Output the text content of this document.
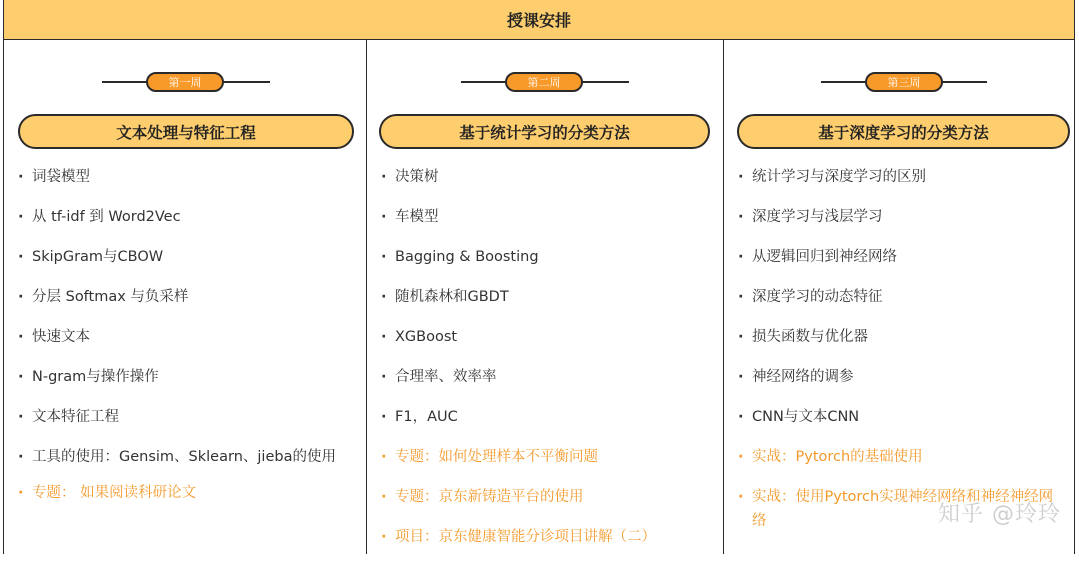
授课安排
第一周
文本处理与特征工程
· 词袋模型
· 从 tf-idf 到 Word2Vec
· SkipGram与CBOW
· 分层 Softmax 与负采样
· 快速文本
· N-gram与操作操作
· 文本特征工程
· 工具的使用：Gensim、Sklearn、jieba的使用
· 专题： 如果阅读科研论文
第二周
基于统计学习的分类方法
· 决策树
· 车模型
· Bagging & Boosting
· 随机森林和GBDT
· XGBoost
· 合理率、效率率
· F1，AUC
· 专题：如何处理样本不平衡问题
· 专题：京东新铸造平台的使用
· 项目：京东健康智能分诊项目讲解（二）
第三周
基于深度学习的分类方法
· 统计学习与深度学习的区别
· 深度学习与浅层学习
· 从逻辑回归到神经网络
· 深度学习的动态特征
· 损失函数与优化器
· 神经网络的调参
· CNN与文本CNN
· 实战：Pytorch的基础使用
· 实战：使用Pytorch实现神经网络和神经神经网络	知乎 @玲玲
